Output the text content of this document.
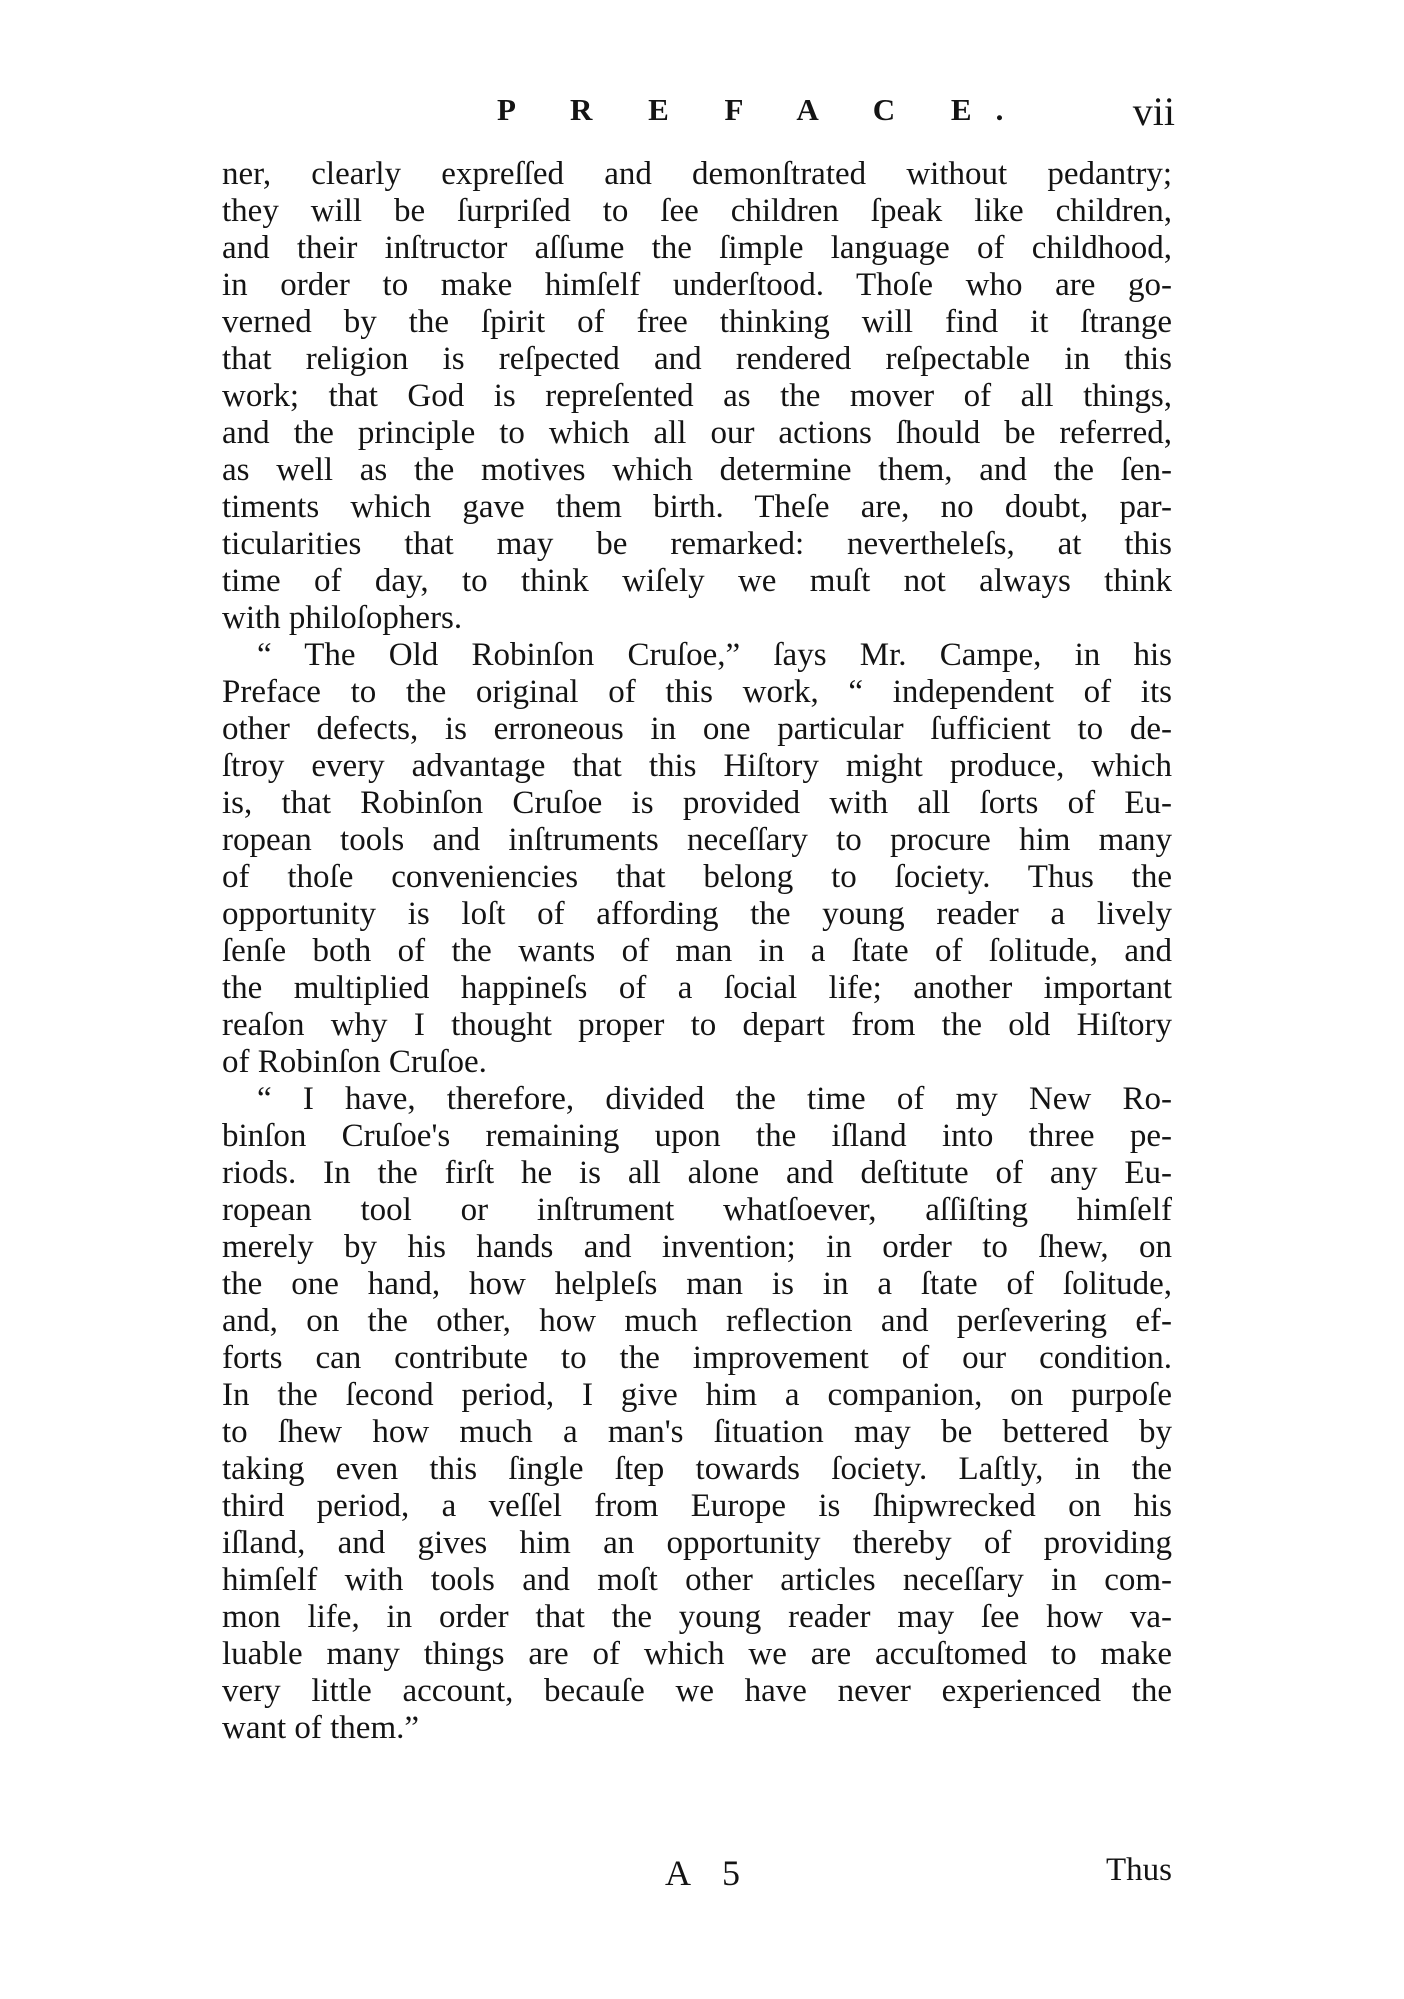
P R E F A C E.	vii
ner, clearly expreſſed and demonſtrated without pedantry;
they will be ſurpriſed to ſee children ſpeak like children,
and their inſtructor aſſume the ſimple language of childhood,
in order to make himſelf underſtood. Thoſe who are go-
verned by the ſpirit of free thinking will find it ſtrange
that religion is reſpected and rendered reſpectable in this
work; that God is repreſented as the mover of all things,
and the principle to which all our actions ſhould be referred,
as well as the motives which determine them, and the ſen-
timents which gave them birth. Theſe are, no doubt, par-
ticularities that may be remarked: nevertheleſs, at this
time of day, to think wiſely we muſt not always think
with philoſophers.
“ The Old Robinſon Cruſoe,” ſays Mr. Campe, in his
Preface to the original of this work, “ independent of its
other defects, is erroneous in one particular ſufficient to de-
ſtroy every advantage that this Hiſtory might produce, which
is, that Robinſon Cruſoe is provided with all ſorts of Eu-
ropean tools and inſtruments neceſſary to procure him many
of thoſe conveniencies that belong to ſociety. Thus the
opportunity is loſt of affording the young reader a lively
ſenſe both of the wants of man in a ſtate of ſolitude, and
the multiplied happineſs of a ſocial life; another important
reaſon why I thought proper to depart from the old Hiſtory
of Robinſon Cruſoe.
“ I have, therefore, divided the time of my New Ro-
binſon Cruſoe's remaining upon the iſland into three pe-
riods. In the firſt he is all alone and deſtitute of any Eu-
ropean tool or inſtrument whatſoever, aſſiſting himſelf
merely by his hands and invention; in order to ſhew, on
the one hand, how helpleſs man is in a ſtate of ſolitude,
and, on the other, how much reflection and perſevering ef-
forts can contribute to the improvement of our condition.
In the ſecond period, I give him a companion, on purpoſe
to ſhew how much a man's ſituation may be bettered by
taking even this ſingle ſtep towards ſociety. Laſtly, in the
third period, a veſſel from Europe is ſhipwrecked on his
iſland, and gives him an opportunity thereby of providing
himſelf with tools and moſt other articles neceſſary in com-
mon life, in order that the young reader may ſee how va-
luable many things are of which we are accuſtomed to make
very little account, becauſe we have never experienced the
want of them.”
A 5	Thus
